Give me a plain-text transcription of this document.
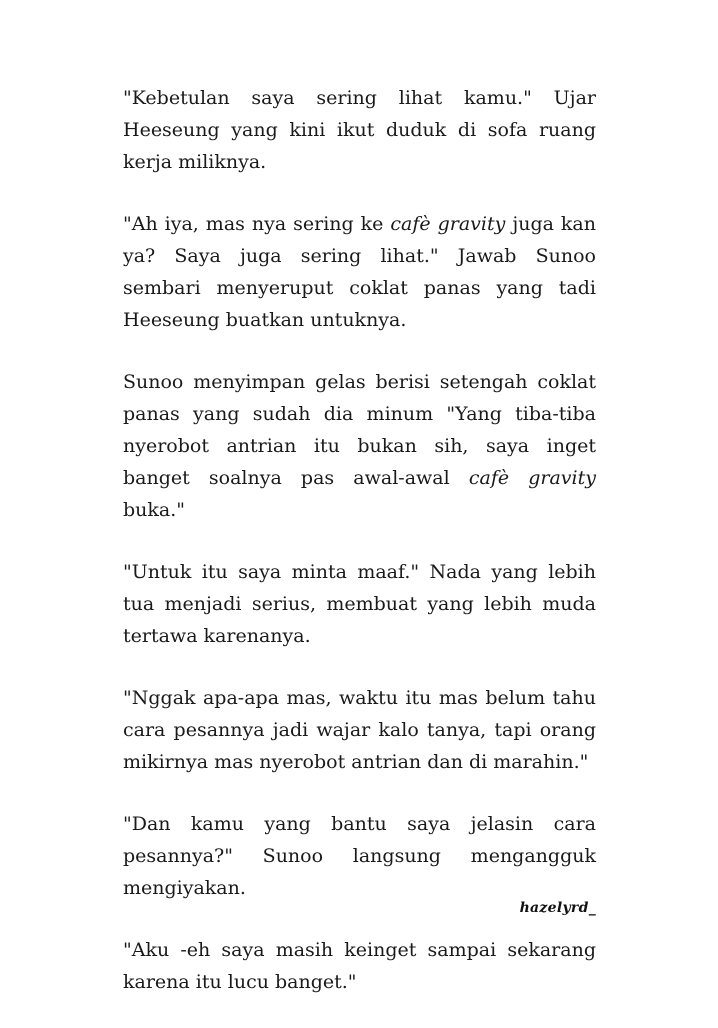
"Kebetulan saya sering lihat kamu." Ujar Heeseung yang kini ikut duduk di sofa ruang kerja miliknya.

"Ah iya, mas nya sering ke cafè gravity juga kan ya? Saya juga sering lihat." Jawab Sunoo sembari menyeruput coklat panas yang tadi Heeseung buatkan untuknya.

Sunoo menyimpan gelas berisi setengah coklat panas yang sudah dia minum "Yang tiba-tiba nyerobot antrian itu bukan sih, saya inget banget soalnya pas awal-awal cafè gravity buka."

"Untuk itu saya minta maaf." Nada yang lebih tua menjadi serius, membuat yang lebih muda tertawa karenanya.

"Nggak apa-apa mas, waktu itu mas belum tahu cara pesannya jadi wajar kalo tanya, tapi orang mikirnya mas nyerobot antrian dan di marahin."

"Dan kamu yang bantu saya jelasin cara pesannya?" Sunoo langsung mengangguk mengiyakan.

"Aku -eh saya masih keinget sampai sekarang karena itu lucu banget."

hazelyrd_
